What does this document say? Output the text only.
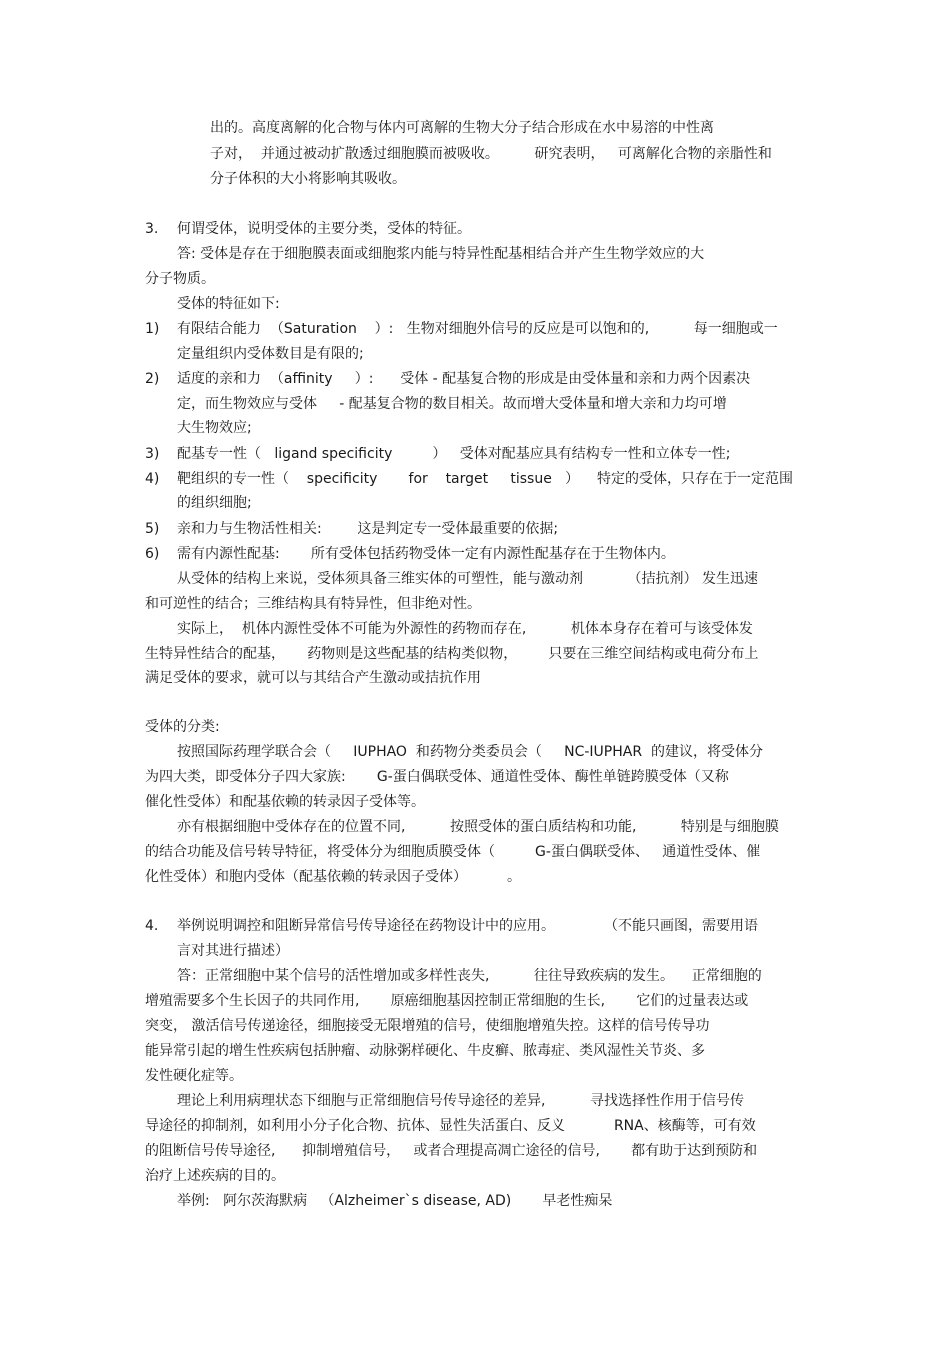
出的。高度离解的化合物与体内可离解的生物大分子结合形成在水中易溶的中性离
子对，  并通过被动扩散透过细胞膜而被吸收。        研究表明，   可离解化合物的亲脂性和
分子体积的大小将影响其吸收。
3. 何谓受体，说明受体的主要分类，受体的特征。
答: 受体是存在于细胞膜表面或细胞浆内能与特异性配基相结合并产生生物学效应的大
分子物质。
受体的特征如下:
1) 有限结合能力  （Saturation    ）:   生物对细胞外信号的反应是可以饱和的,          每一细胞或一
定量组织内受体数目是有限的;
2) 适度的亲和力  （affinity     ）:      受体 - 配基复合物的形成是由受体量和亲和力两个因素决
定，而生物效应与受体     - 配基复合物的数目相关。故而增大受体量和增大亲和力均可增
大生物效应;
3) 配基专一性（   ligand specificity         ）   受体对配基应具有结构专一性和立体专一性;
4) 靶组织的专一性（    specificity       for    target     tissue   ）    特定的受体，只存在于一定范围
的组织细胞;
5) 亲和力与生物活性相关:        这是判定专一受体最重要的依据;
6) 需有内源性配基:       所有受体包括药物受体一定有内源性配基存在于生物体内。
从受体的结构上来说，受体须具备三维实体的可塑性，能与激动剂          （拮抗剂） 发生迅速
和可逆性的结合；三维结构具有特异性，但非绝对性。
实际上，  机体内源性受体不可能为外源性的药物而存在,          机体本身存在着可与该受体发
生特异性结合的配基，     药物则是这些配基的结构类似物，       只要在三维空间结构或电荷分布上
满足受体的要求，就可以与其结合产生激动或拮抗作用
受体的分类:
按照国际药理学联合会（     IUPHAO  和药物分类委员会（     NC-IUPHAR  的建议，将受体分
为四大类，即受体分子四大家族:       G-蛋白偶联受体、通道性受体、酶性单链跨膜受体（又称
催化性受体）和配基依赖的转录因子受体等。
亦有根据细胞中受体存在的位置不同,          按照受体的蛋白质结构和功能,          特别是与细胞膜
的结合功能及信号转导特征，将受体分为细胞质膜受体（         G-蛋白偶联受体、   通道性受体、催
化性受体）和胞内受体（配基依赖的转录因子受体）         。
4. 举例说明调控和阻断异常信号传导途径在药物设计中的应用。           （不能只画图，需要用语
言对其进行描述）
答：正常细胞中某个信号的活性增加或多样性丧失,          往往导致疾病的发生。    正常细胞的
增殖需要多个生长因子的共同作用,       原癌细胞基因控制正常细胞的生长,       它们的过量表达或
突变， 激活信号传递途径，细胞接受无限增殖的信号，使细胞增殖失控。这样的信号传导功
能异常引起的增生性疾病包括肿瘤、动脉粥样硬化、牛皮癣、脓毒症、类风湿性关节炎、多
发性硬化症等。
理论上利用病理状态下细胞与正常细胞信号传导途径的差异,          寻找选择性作用于信号传
导途径的抑制剂，如利用小分子化合物、抗体、显性失活蛋白、反义           RNA、核酶等，可有效
的阻断信号传导途径,      抑制增殖信号，   或者合理提高凋亡途径的信号,       都有助于达到预防和
治疗上述疾病的目的。
举例:   阿尔茨海默病   （Alzheimer`s disease, AD)       早老性痴呆
